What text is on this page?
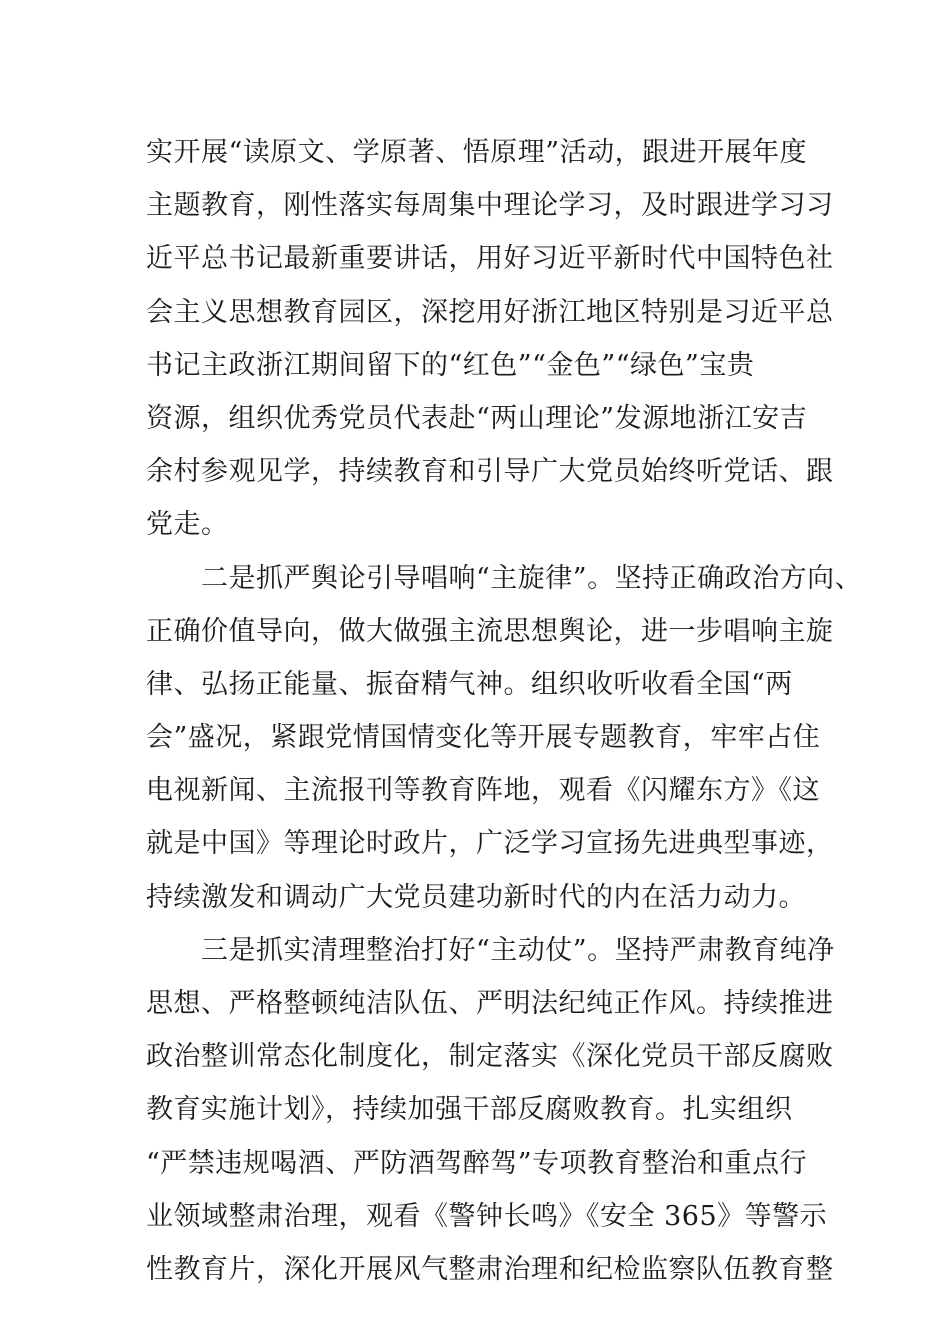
实开展“读原文、学原著、悟原理”活动，跟进开展年度
主题教育，刚性落实每周集中理论学习，及时跟进学习习
近平总书记最新重要讲话，用好习近平新时代中国特色社
会主义思想教育园区，深挖用好浙江地区特别是习近平总
书记主政浙江期间留下的“红色”“金色”“绿色”宝贵
资源，组织优秀党员代表赴“两山理论”发源地浙江安吉
余村参观见学，持续教育和引导广大党员始终听党话、跟
党走。
　　二是抓严舆论引导唱响“主旋律”。坚持正确政治方向、
正确价值导向，做大做强主流思想舆论，进一步唱响主旋
律、弘扬正能量、振奋精气神。组织收听收看全国“两
会”盛况，紧跟党情国情变化等开展专题教育，牢牢占住
电视新闻、主流报刊等教育阵地，观看《闪耀东方》《这
就是中国》等理论时政片，广泛学习宣扬先进典型事迹，
持续激发和调动广大党员建功新时代的内在活力动力。
　　三是抓实清理整治打好“主动仗”。坚持严肃教育纯净
思想、严格整顿纯洁队伍、严明法纪纯正作风。持续推进
政治整训常态化制度化，制定落实《深化党员干部反腐败
教育实施计划》，持续加强干部反腐败教育。扎实组织
“严禁违规喝酒、严防酒驾醉驾”专项教育整治和重点行
业领域整肃治理，观看《警钟长鸣》《安全 365》等警示
性教育片，深化开展风气整肃治理和纪检监察队伍教育整
